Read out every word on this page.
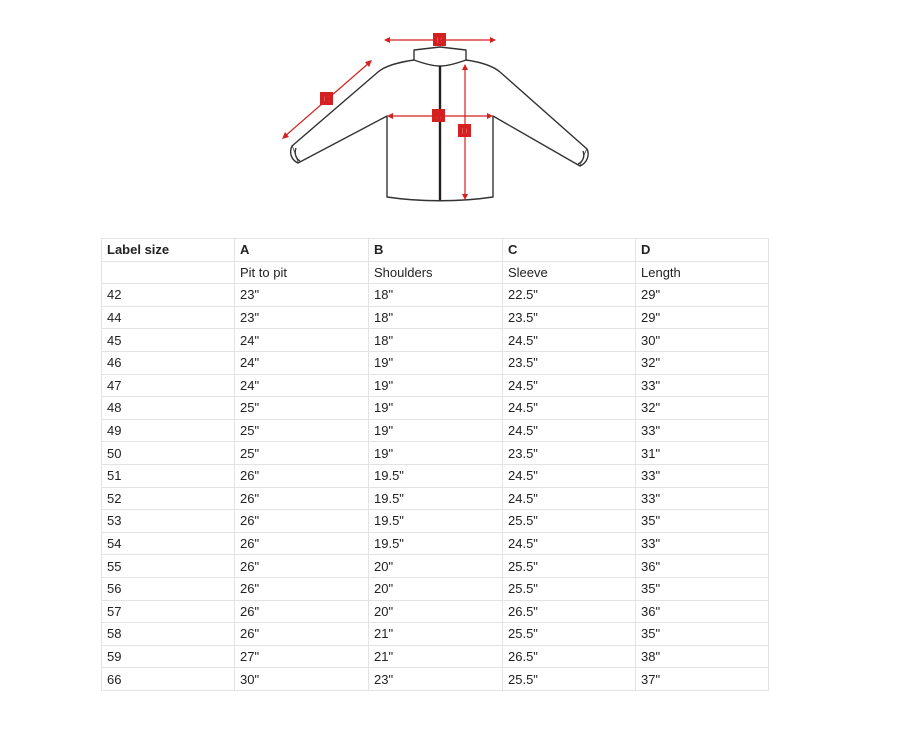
B
C
A
D
Label size	A	B	C	D
	Pit to pit	Shoulders	Sleeve	Length
42	23"	18"	22.5"	29"
44	23"	18"	23.5"	29"
45	24"	18"	24.5"	30"
46	24"	19"	23.5"	32"
47	24"	19"	24.5"	33"
48	25"	19"	24.5"	32"
49	25"	19"	24.5"	33"
50	25"	19"	23.5"	31"
51	26"	19.5"	24.5"	33"
52	26"	19.5"	24.5"	33"
53	26"	19.5"	25.5"	35"
54	26"	19.5"	24.5"	33"
55	26"	20"	25.5"	36"
56	26"	20"	25.5"	35"
57	26"	20"	26.5"	36"
58	26"	21"	25.5"	35"
59	27"	21"	26.5"	38"
66	30"	23"	25.5"	37"
